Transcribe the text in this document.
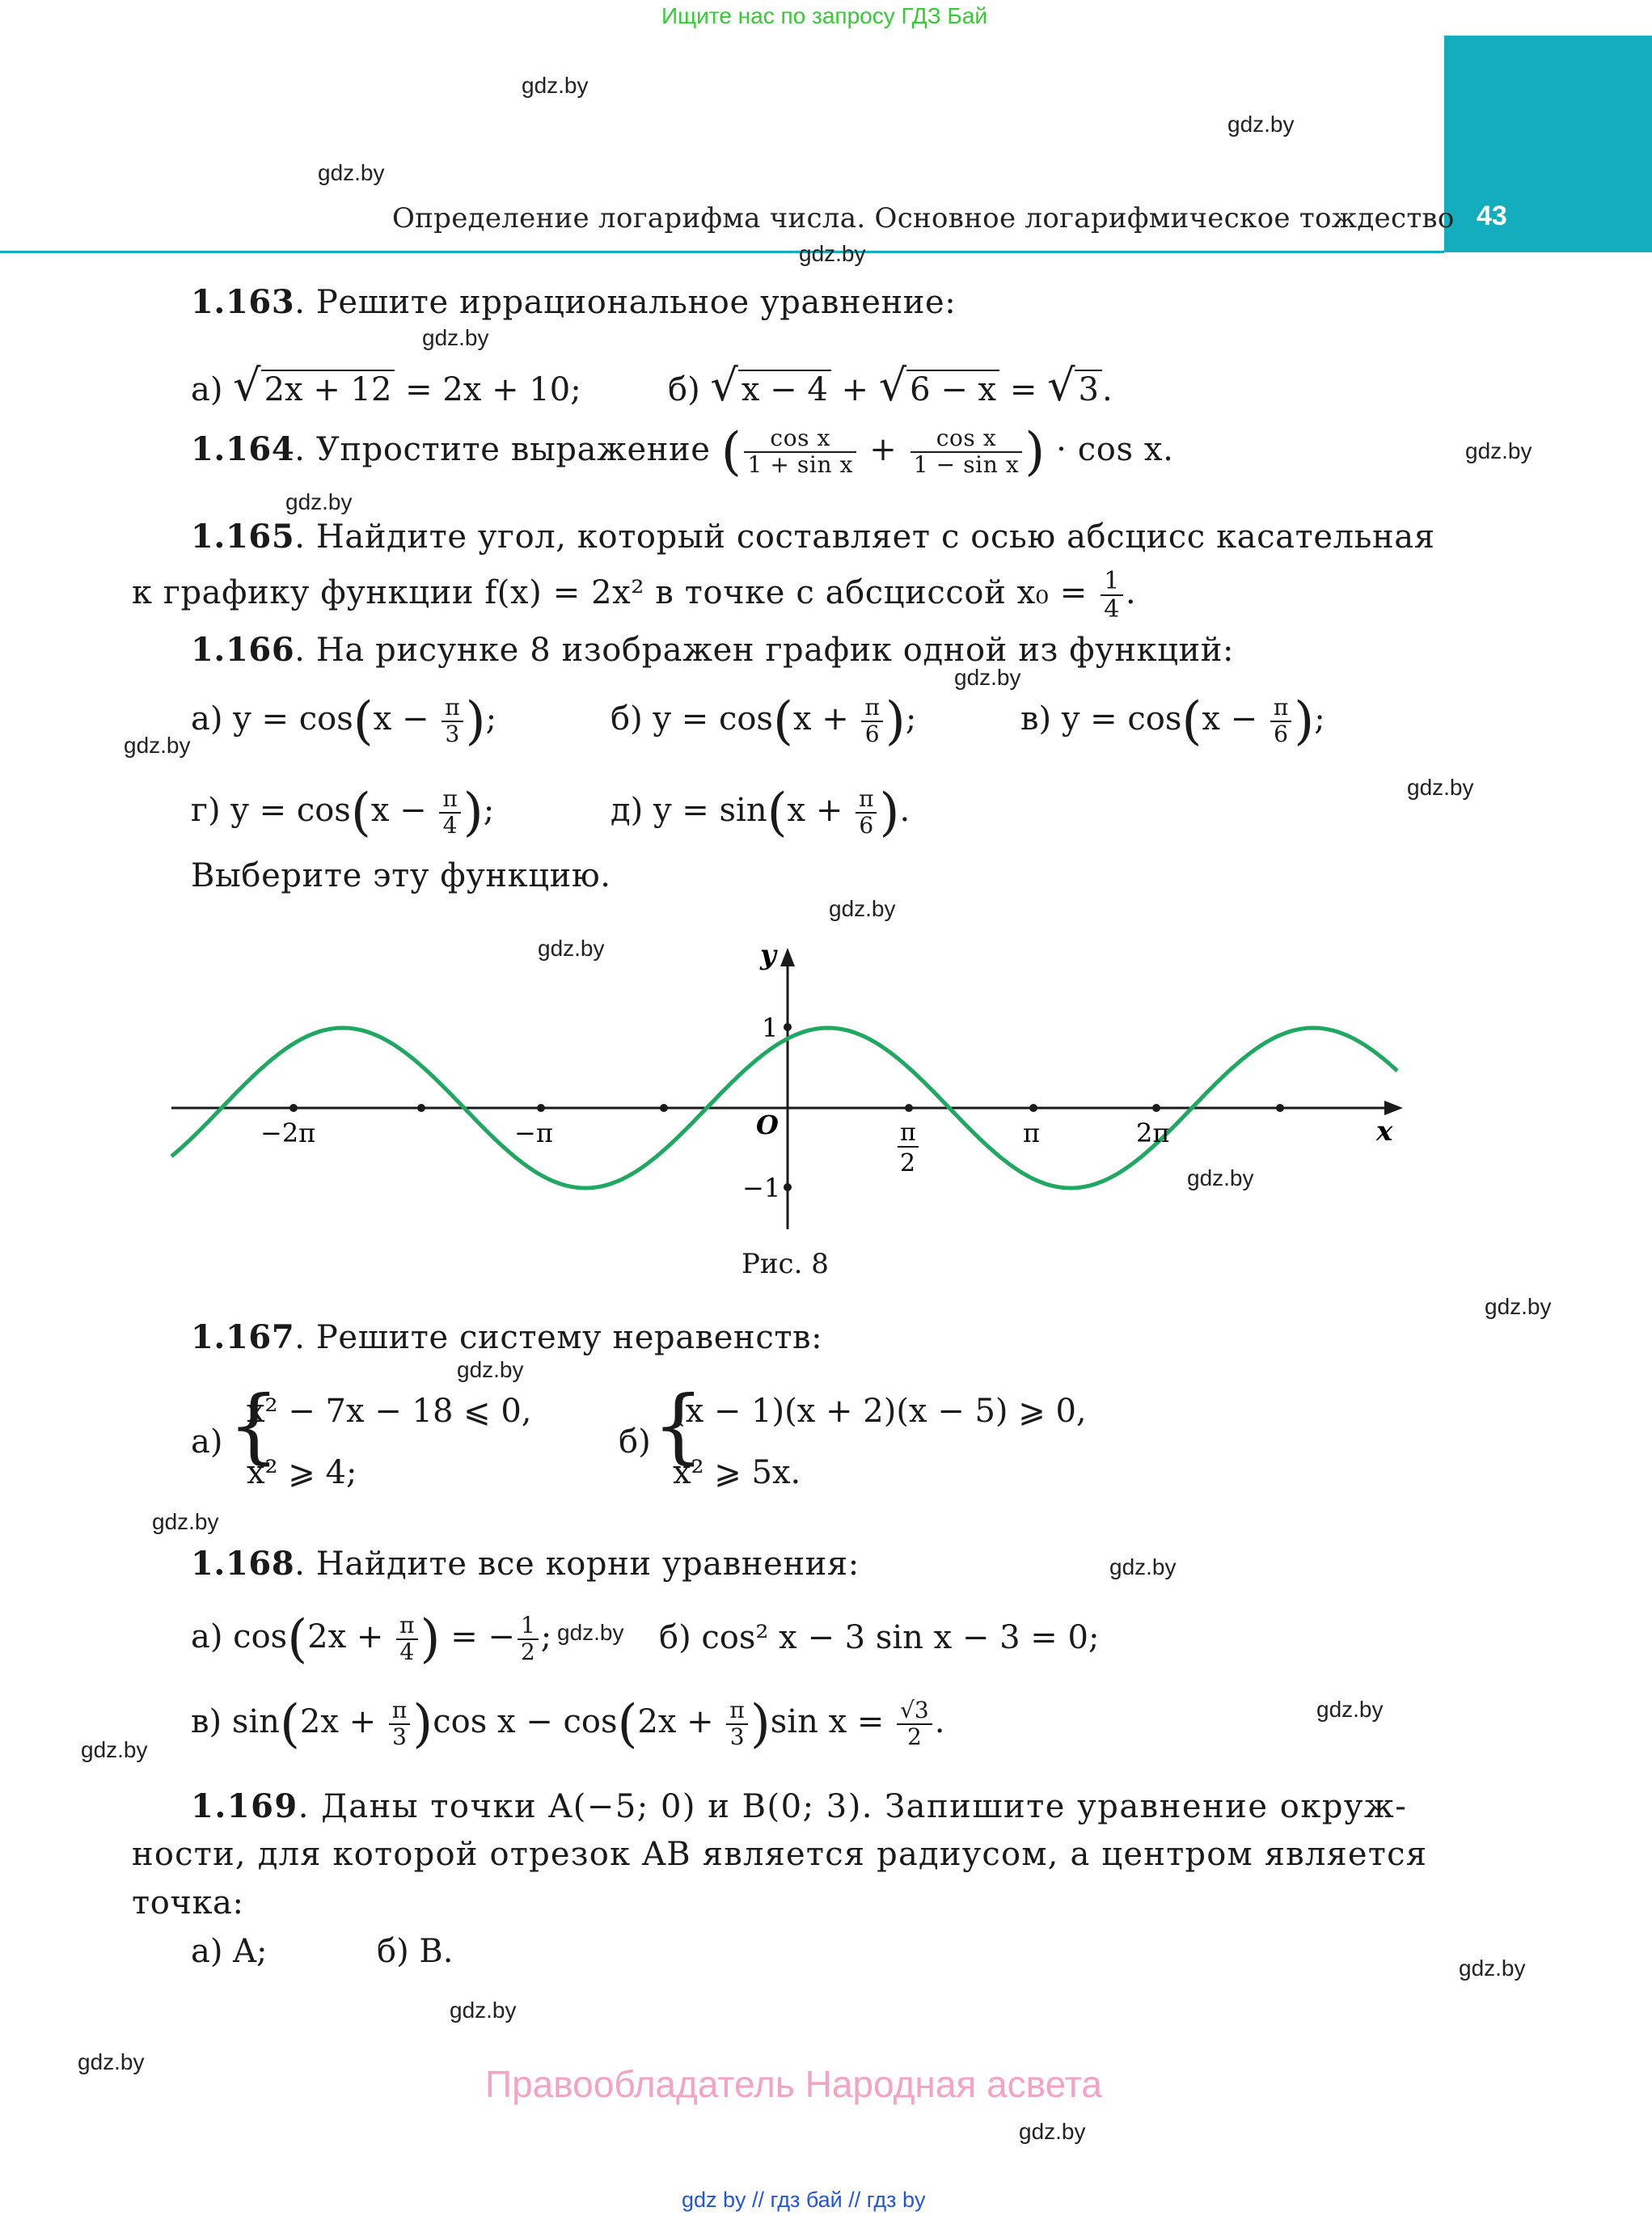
Ищите нас по запросу ГДЗ Бай
43
Определение логарифма числа. Основное логарифмическое тождество
gdz.by
gdz.by
gdz.by
gdz.by
gdz.by
gdz.by
gdz.by
gdz.by
gdz.by
gdz.by
gdz.by
gdz.by
gdz.by
gdz.by
gdz.by
gdz.by
gdz.by
gdz.by
gdz.by
gdz.by
gdz.by
gdz.by
gdz.by
gdz.by
1.163. Решите иррациональное уравнение:
а) √ 2x + 12 = 2x + 10;	б) √ x − 4 + √ 6 − x = √ 3 .
1.164. Упростите выражение ( $\frac{\text{cos x}}{\text{1 + sin x}} + \frac{\text{cos x}}{\text{1 − sin x}}$ ) · cos x.
1.165. Найдите угол, который составляет с осью абсцисс касательная
к графику функции f(x) = 2x² в точке с абсциссой $x_0 = \frac{1}{4}$ .
1.166. На рисунке 8 изображен график одной из функций:
а) $y = \cos(x - \frac{\pi}{3}$ );	б) $y = \cos(x + \frac{\pi}{6}$ );	в) $y = \cos(x - \frac{\pi}{6}$ );
г) $y = \cos(x - \frac{\pi}{4}$ );	д) $y = \sin(x + \frac{\pi}{6}$ ).
Выберите эту функцию.
y
x
O
−2π	−π	π
2
π	2π
1
−1
Рис. 8
1.167. Решите систему неравенств:
а) {
x² − 7x − 18 ⩽ 0,
x² ⩾ 4;
б) {
(x − 1)(x + 2)(x − 5) ⩾ 0,
x² ⩾ 5x.
1.168. Найдите все корни уравнения:
а) $\cos(2x + \frac{\pi}{4}$ ) = − $\frac{1}{2}$ ;	б) cos² x − 3 sin x − 3 = 0;
в) $\sin(2x + \frac{\pi}{3} )\cos$ $x - \cos(2x + \frac{\pi}{3} )\sin$ $x = \frac{√3}{2}$ .
1.169. Даны точки A(−5; 0) и B(0; 3). Запишите уравнение окруж-
ности, для которой отрезок AB является радиусом, а центром является
точка:
а) A;	б) B.
Правообладатель Народная асвета
gdz by // гдз бай // гдз by
